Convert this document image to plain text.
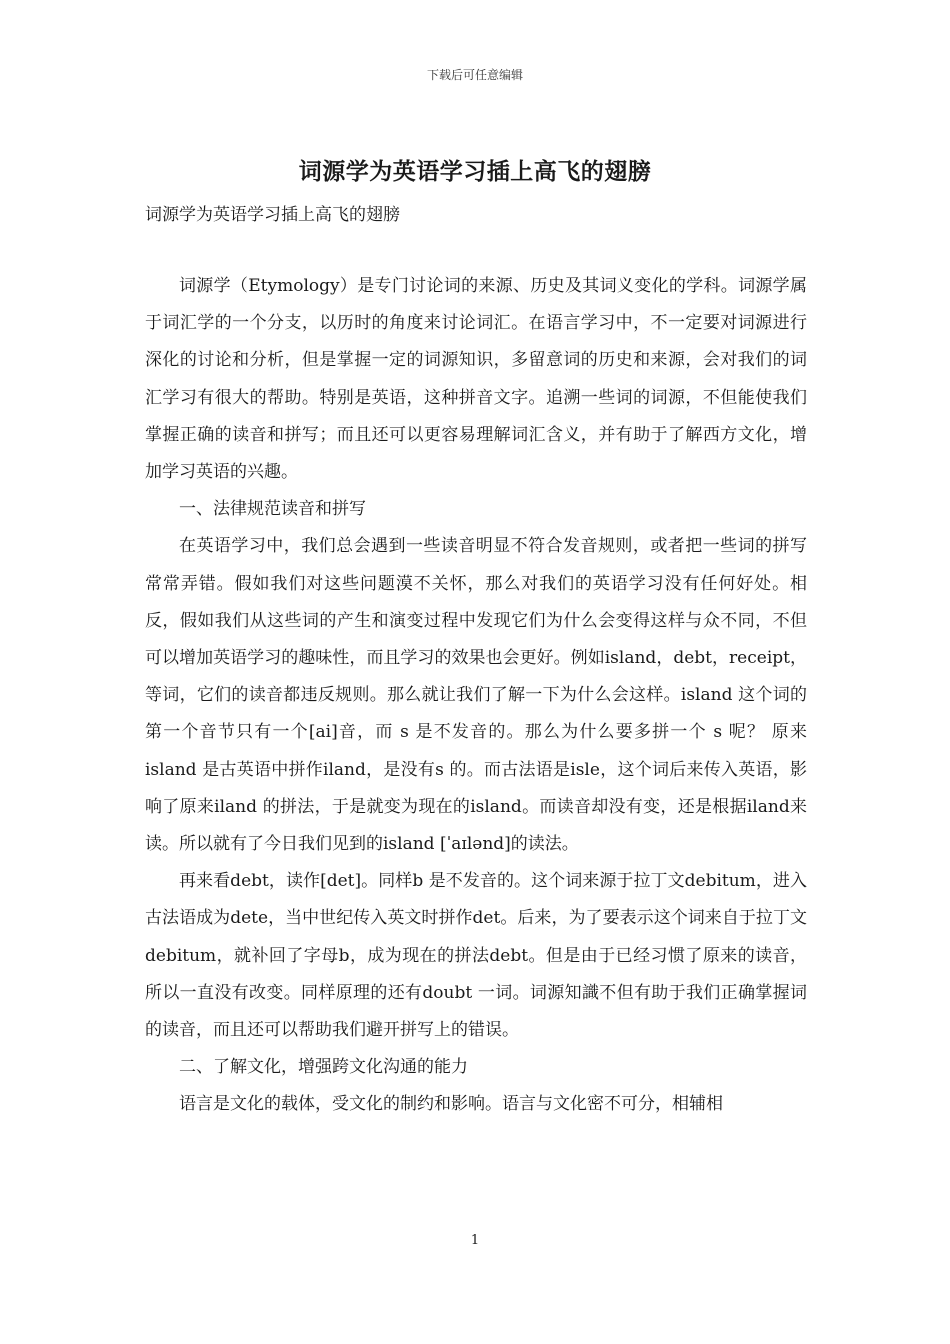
下载后可任意编辑
词源学为英语学习插上高飞的翅膀
词源学为英语学习插上高飞的翅膀

词源学（Etymology）是专门讨论词的来源、历史及其词义变化的学科。词源学属于词汇学的一个分支，以历时的角度来讨论词汇。在语言学习中，不一定要对词源进行深化的讨论和分析，但是掌握一定的词源知识，多留意词的历史和来源，会对我们的词汇学习有很大的帮助。特别是英语，这种拼音文字。追溯一些词的词源，不但能使我们掌握正确的读音和拼写；而且还可以更容易理解词汇含义，并有助于了解西方文化，增加学习英语的兴趣。

一、法律规范读音和拼写

在英语学习中，我们总会遇到一些读音明显不符合发音规则，或者把一些词的拼写常常弄错。假如我们对这些问题漠不关怀，那么对我们的英语学习没有任何好处。相反，假如我们从这些词的产生和演变过程中发现它们为什么会变得这样与众不同，不但可以增加英语学习的趣味性，而且学习的效果也会更好。例如island，debt，receipt，等词，它们的读音都违反规则。那么就让我们了解一下为什么会这样。island 这个词的第一个音节只有一个[ai]音，而 s 是不发音的。那么为什么要多拼一个 s 呢？ 原来island 是古英语中拼作iland，是没有s 的。而古法语是isle，这个词后来传入英语，影响了原来iland 的拼法，于是就变为现在的island。而读音却没有变，还是根据iland来读。所以就有了今日我们见到的island [ˈaɪlənd]的读法。

再来看debt，读作[det]。同样b 是不发音的。这个词来源于拉丁文debitum，进入古法语成为dete，当中世纪传入英文时拼作det。后来，为了要表示这个词来自于拉丁文debitum，就补回了字母b，成为现在的拼法debt。但是由于已经习惯了原来的读音，所以一直没有改变。同样原理的还有doubt 一词。词源知識不但有助于我们正确掌握词的读音，而且还可以帮助我们避开拼写上的错误。

二、了解文化，增强跨文化沟通的能力

语言是文化的载体，受文化的制约和影响。语言与文化密不可分，相辅相

1
